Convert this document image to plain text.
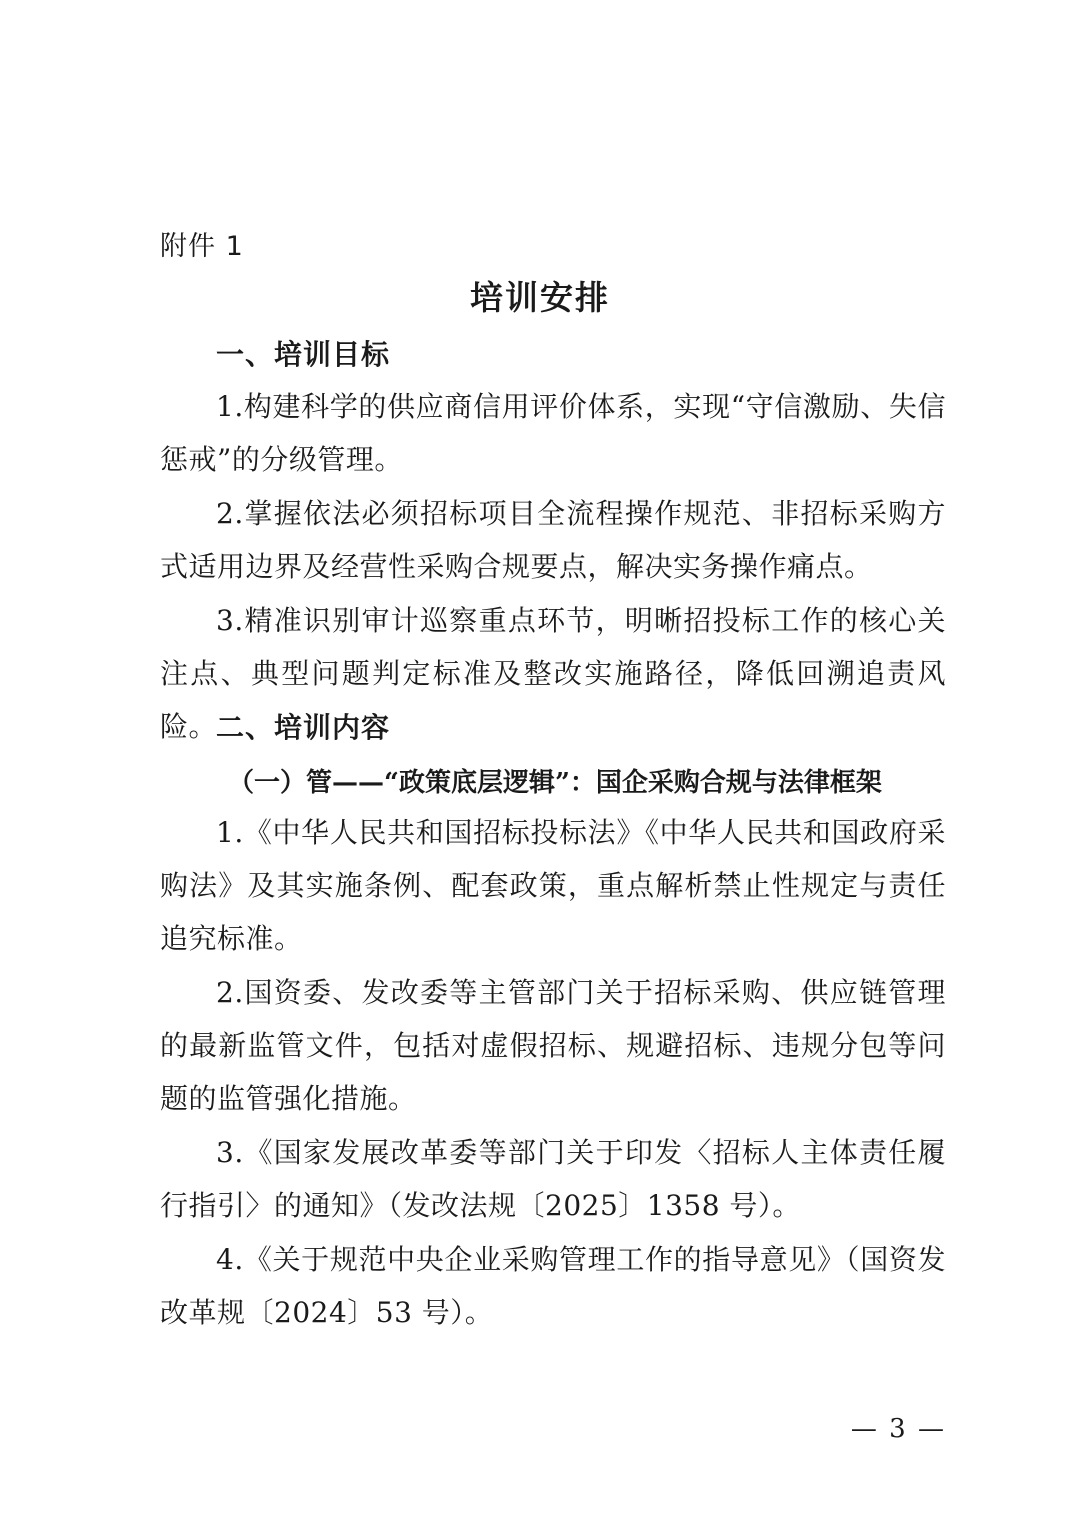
附件 1
培训安排
一、培训目标

1.构建科学的供应商信用评价体系，实现“守信激励、失信惩戒”的分级管理。

2.掌握依法必须招标项目全流程操作规范、非招标采购方式适用边界及经营性采购合规要点，解决实务操作痛点。

3.精准识别审计巡察重点环节，明晰招投标工作的核心关注点、典型问题判定标准及整改实施路径，降低回溯追责风险。

二、培训内容
（一）管——“政策底层逻辑”：国企采购合规与法律框架

1.《中华人民共和国招标投标法》《中华人民共和国政府采购法》及其实施条例、配套政策，重点解析禁止性规定与责任追究标准。

2.国资委、发改委等主管部门关于招标采购、供应链管理的最新监管文件，包括对虚假招标、规避招标、违规分包等问题的监管强化措施。

3.《国家发展改革委等部门关于印发〈招标人主体责任履行指引〉的通知》（发改法规〔2025〕1358 号）。

4.《关于规范中央企业采购管理工作的指导意见》（国资发改革规〔2024〕53 号）。

— 3 —
